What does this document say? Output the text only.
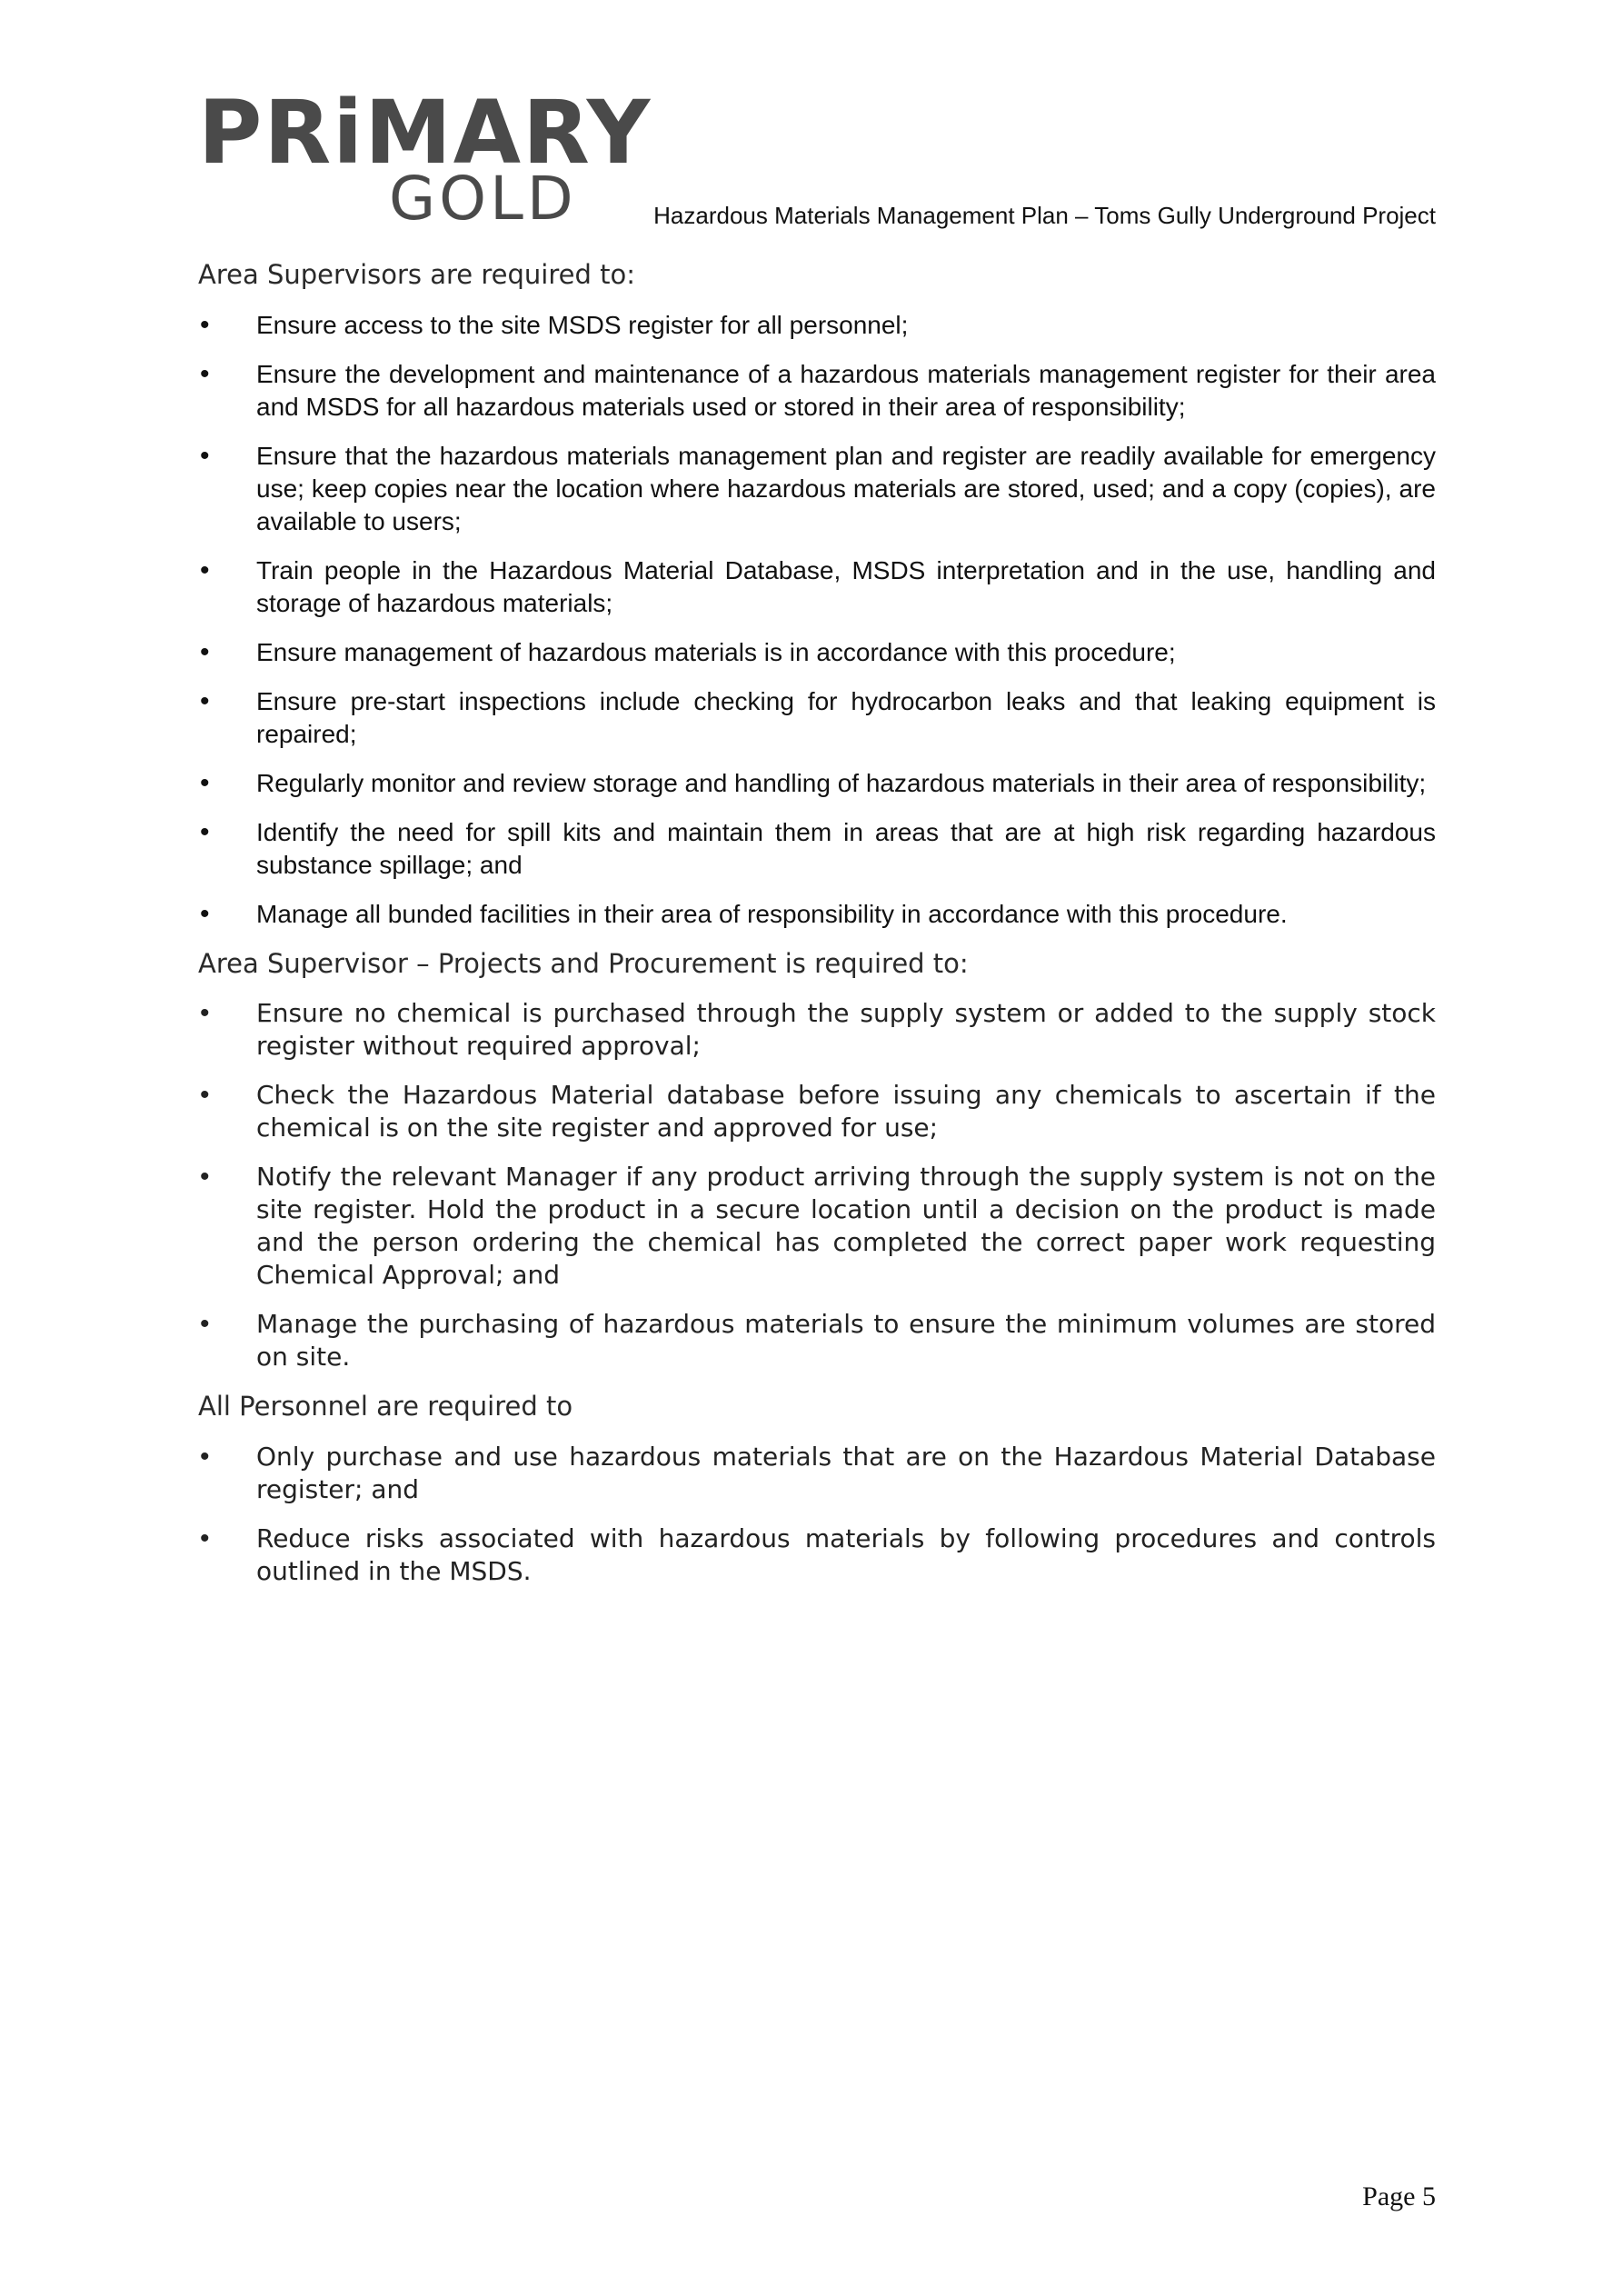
PRiMARY
GOLD	Hazardous Materials Management Plan – Toms Gully Underground Project
Area Supervisors are required to:
• Ensure access to the site MSDS register for all personnel;
• Ensure the development and maintenance of a hazardous materials management register for their area and MSDS for all hazardous materials used or stored in their area of responsibility;
• Ensure that the hazardous materials management plan and register are readily available for emergency use; keep copies near the location where hazardous materials are stored, used; and a copy (copies), are available to users;
• Train people in the Hazardous Material Database, MSDS interpretation and in the use, handling and storage of hazardous materials;
• Ensure management of hazardous materials is in accordance with this procedure;
• Ensure pre-start inspections include checking for hydrocarbon leaks and that leaking equipment is repaired;
• Regularly monitor and review storage and handling of hazardous materials in their area of responsibility;
• Identify the need for spill kits and maintain them in areas that are at high risk regarding hazardous substance spillage; and
• Manage all bunded facilities in their area of responsibility in accordance with this procedure.
Area Supervisor – Projects and Procurement is required to:
• Ensure no chemical is purchased through the supply system or added to the supply stock register without required approval;
• Check the Hazardous Material database before issuing any chemicals to ascertain if the chemical is on the site register and approved for use;
• Notify the relevant Manager if any product arriving through the supply system is not on the site register. Hold the product in a secure location until a decision on the product is made and the person ordering the chemical has completed the correct paper work requesting Chemical Approval; and
• Manage the purchasing of hazardous materials to ensure the minimum volumes are stored on site.
All Personnel are required to
• Only purchase and use hazardous materials that are on the Hazardous Material Database register; and
• Reduce risks associated with hazardous materials by following procedures and controls outlined in the MSDS.
Page 5
